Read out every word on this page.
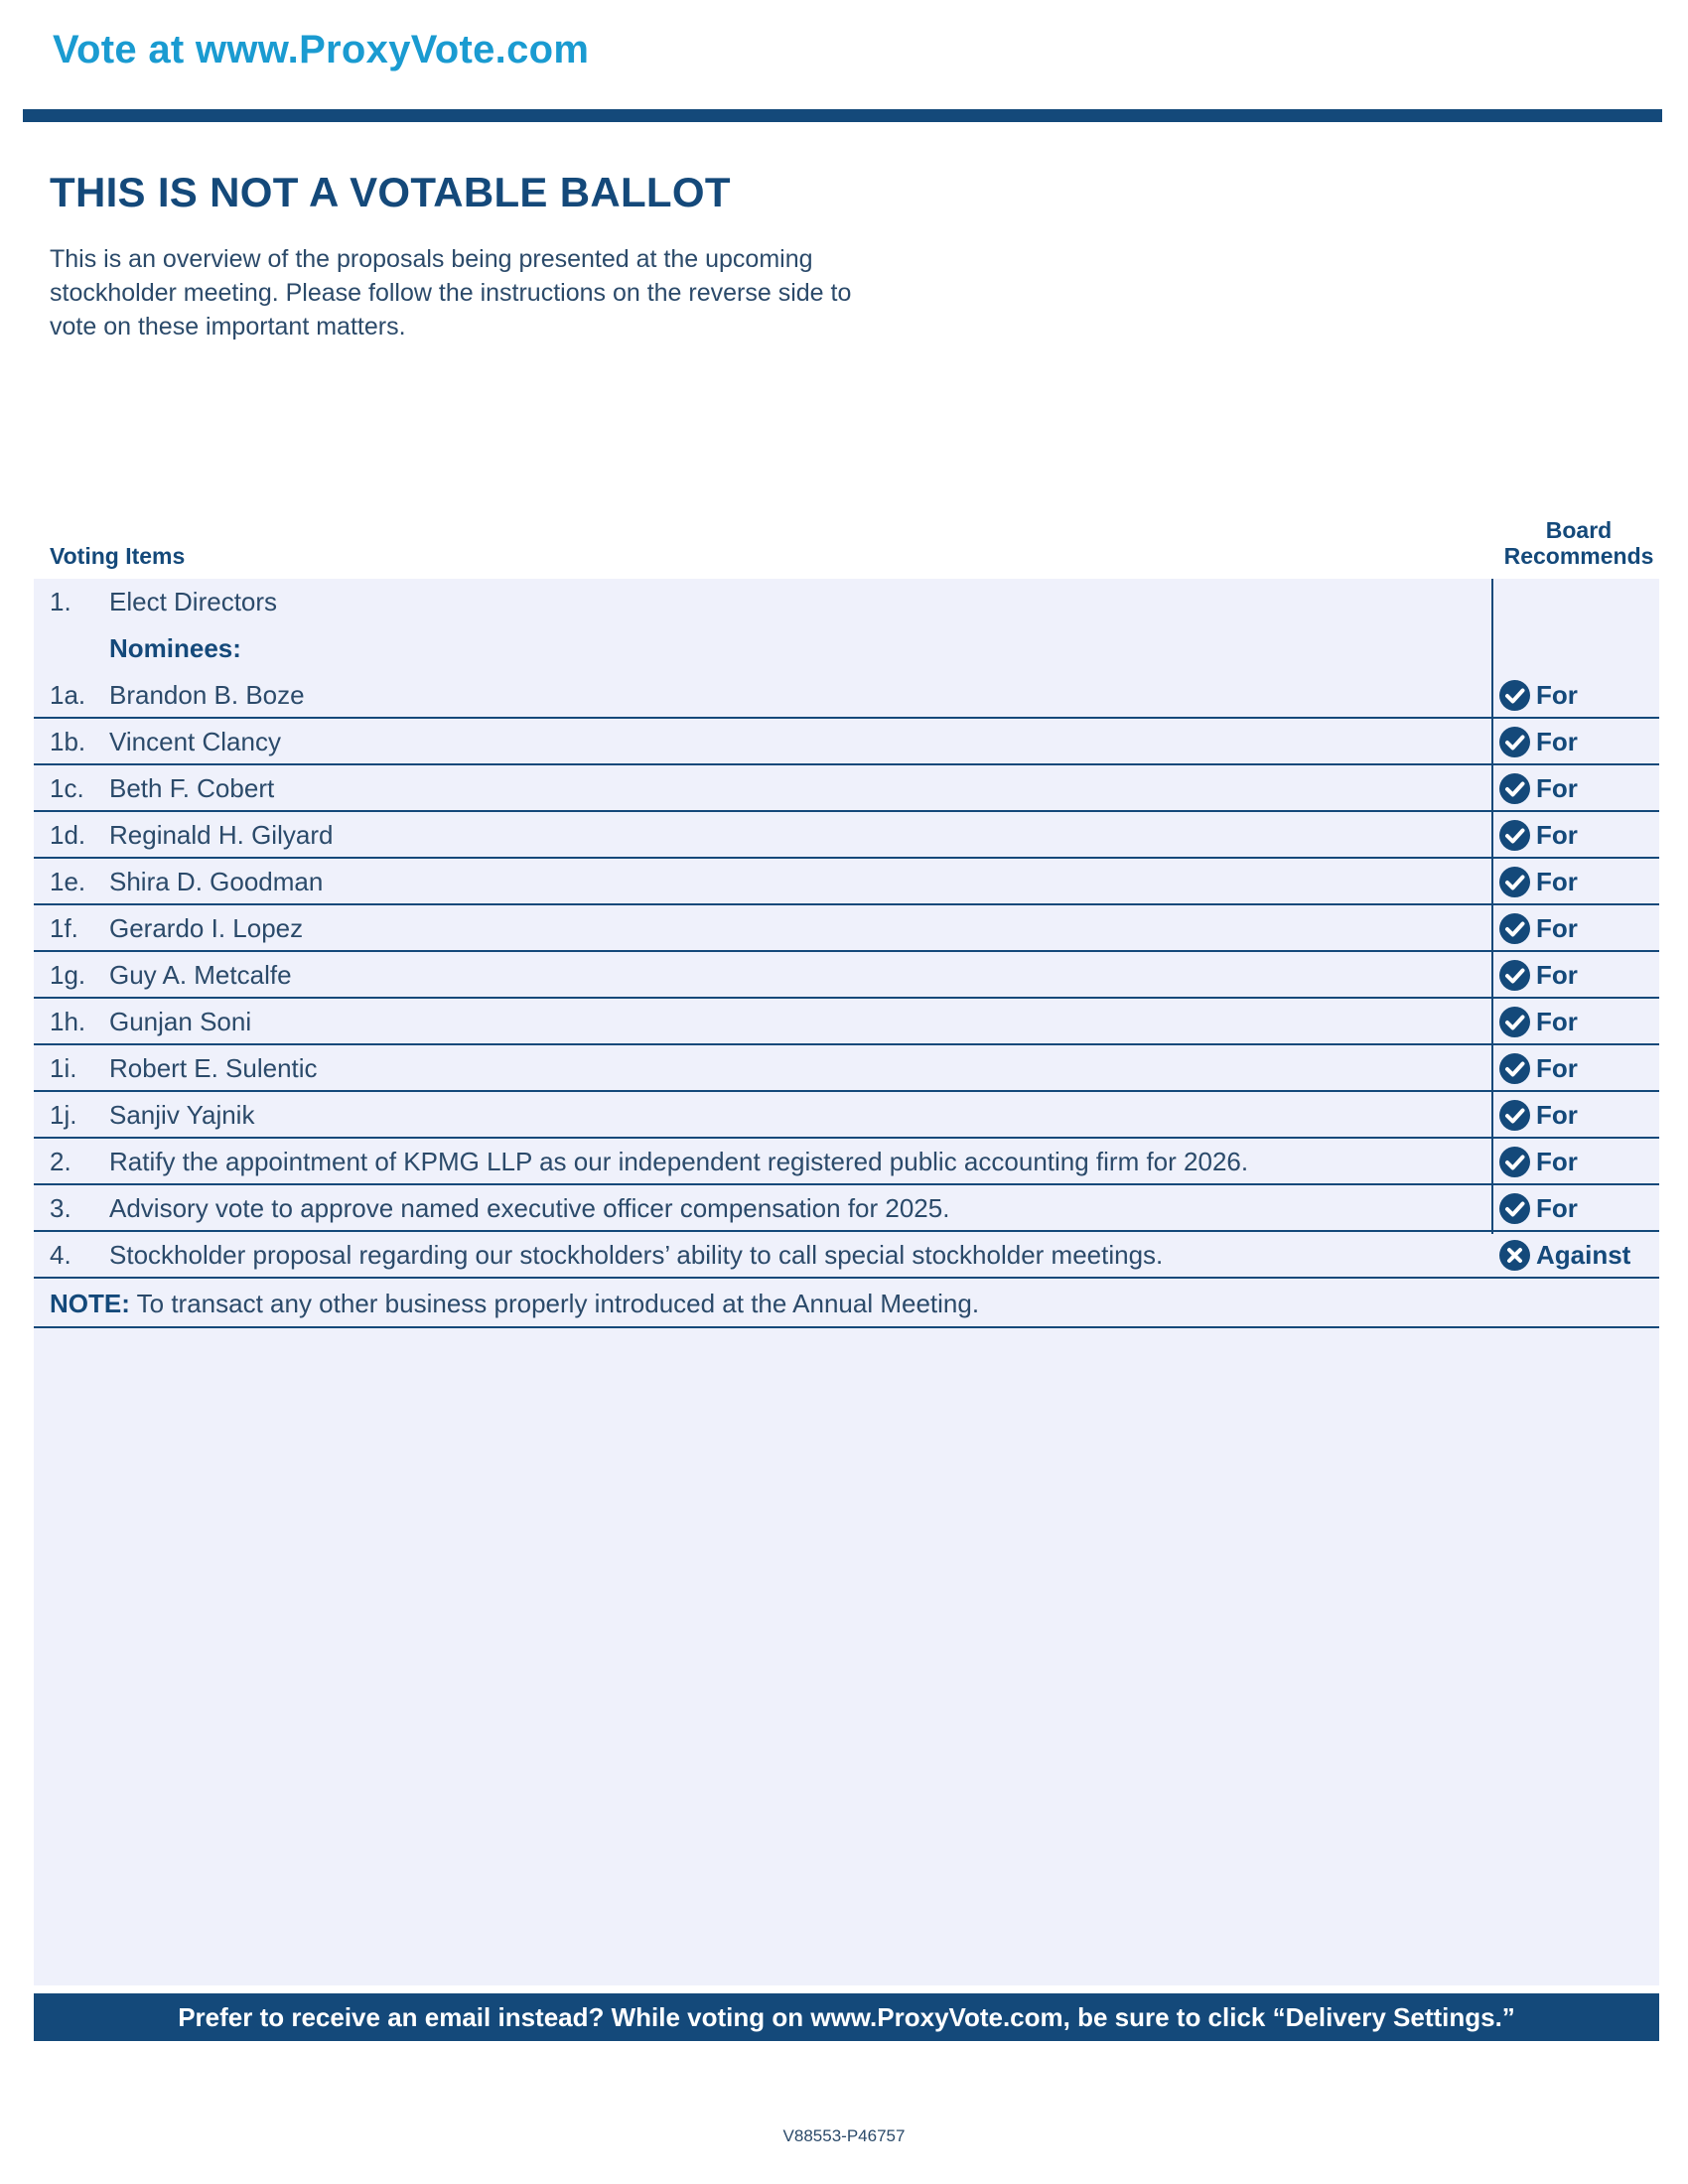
Vote at www.ProxyVote.com
THIS IS NOT A VOTABLE BALLOT

This is an overview of the proposals being presented at the upcoming stockholder meeting. Please follow the instructions on the reverse side to vote on these important matters.

Voting Items
Board
Recommends
1. Elect Directors
Nominees:
1a. Brandon B. Boze	For
1b. Vincent Clancy	For
1c. Beth F. Cobert	For
1d. Reginald H. Gilyard	For
1e. Shira D. Goodman	For
1f. Gerardo I. Lopez	For
1g. Guy A. Metcalfe	For
1h. Gunjan Soni	For
1i. Robert E. Sulentic	For
1j. Sanjiv Yajnik	For
2. Ratify the appointment of KPMG LLP as our independent registered public accounting firm for 2026.	For
3. Advisory vote to approve named executive officer compensation for 2025.	For
4. Stockholder proposal regarding our stockholders’ ability to call special stockholder meetings.	Against
NOTE: To transact any other business properly introduced at the Annual Meeting.
Prefer to receive an email instead? While voting on www.ProxyVote.com, be sure to click “Delivery Settings.”
V88553-P46757
